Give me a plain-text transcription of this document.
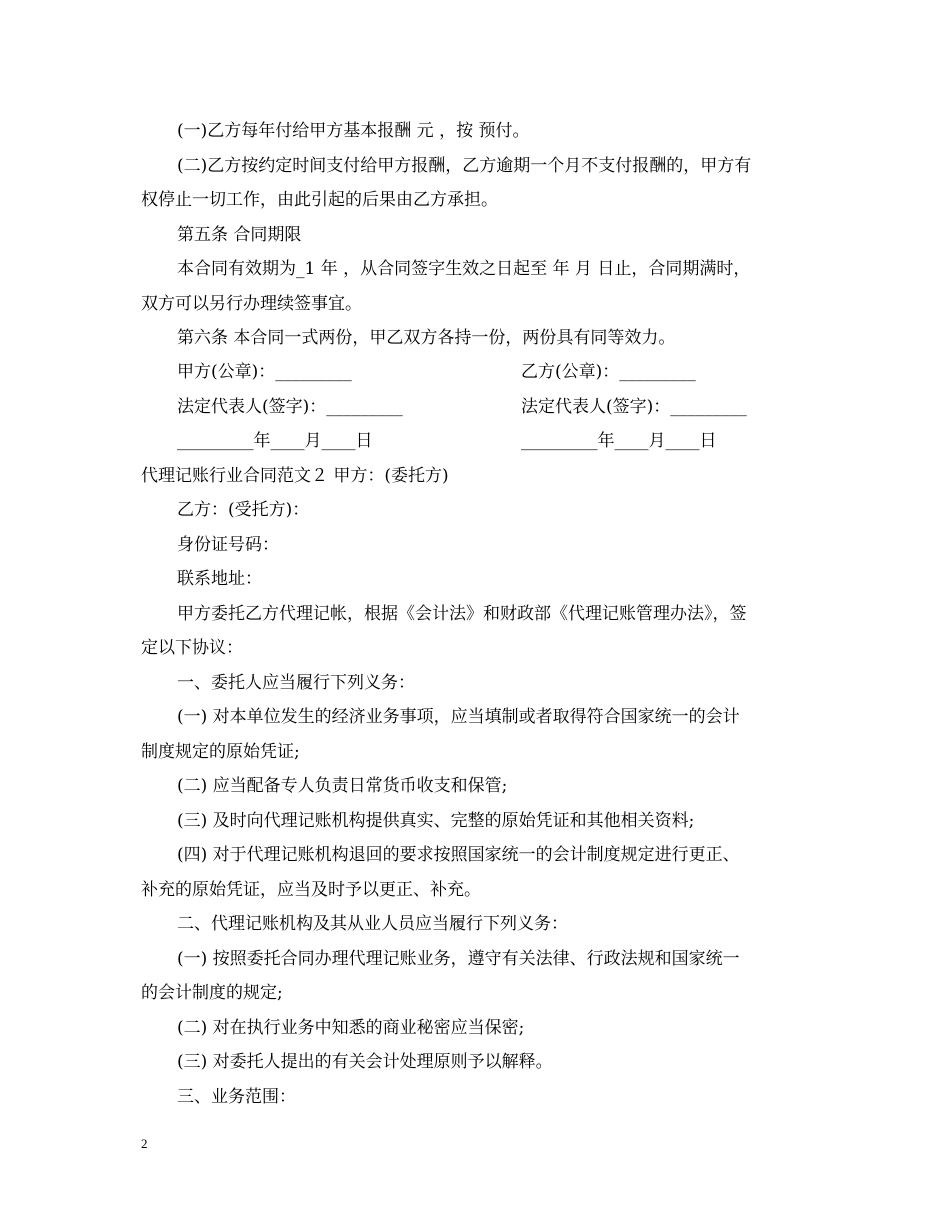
(一)乙方每年付给甲方基本报酬 元 ，按 预付。
(二)乙方按约定时间支付给甲方报酬，乙方逾期一个月不支付报酬的，甲方有
权停止一切工作，由此引起的后果由乙方承担。
第五条 合同期限
本合同有效期为_1 年 ，从合同签字生效之日起至 年 月 日止，合同期满时，
双方可以另行办理续签事宜。
第六条 本合同一式两份，甲乙双方各持一份，两份具有同等效力。
甲方(公章)：_________	乙方(公章)：_________
法定代表人(签字)：_________	法定代表人(签字)：_________
_________年____月____日	_________年____月____日
代理记账行业合同范文２ 甲方：(委托方)
乙方：(受托方)：
身份证号码：
联系地址：
甲方委托乙方代理记帐，根据《会计法》和财政部《代理记账管理办法》，签
定以下协议：
一、委托人应当履行下列义务：
(一) 对本单位发生的经济业务事项，应当填制或者取得符合国家统一的会计
制度规定的原始凭证;
(二) 应当配备专人负责日常货币收支和保管;
(三) 及时向代理记账机构提供真实、完整的原始凭证和其他相关资料;
(四) 对于代理记账机构退回的要求按照国家统一的会计制度规定进行更正、
补充的原始凭证，应当及时予以更正、补充。
二、代理记账机构及其从业人员应当履行下列义务：
(一) 按照委托合同办理代理记账业务，遵守有关法律、行政法规和国家统一
的会计制度的规定;
(二) 对在执行业务中知悉的商业秘密应当保密;
(三) 对委托人提出的有关会计处理原则予以解释。
三、业务范围：
2
